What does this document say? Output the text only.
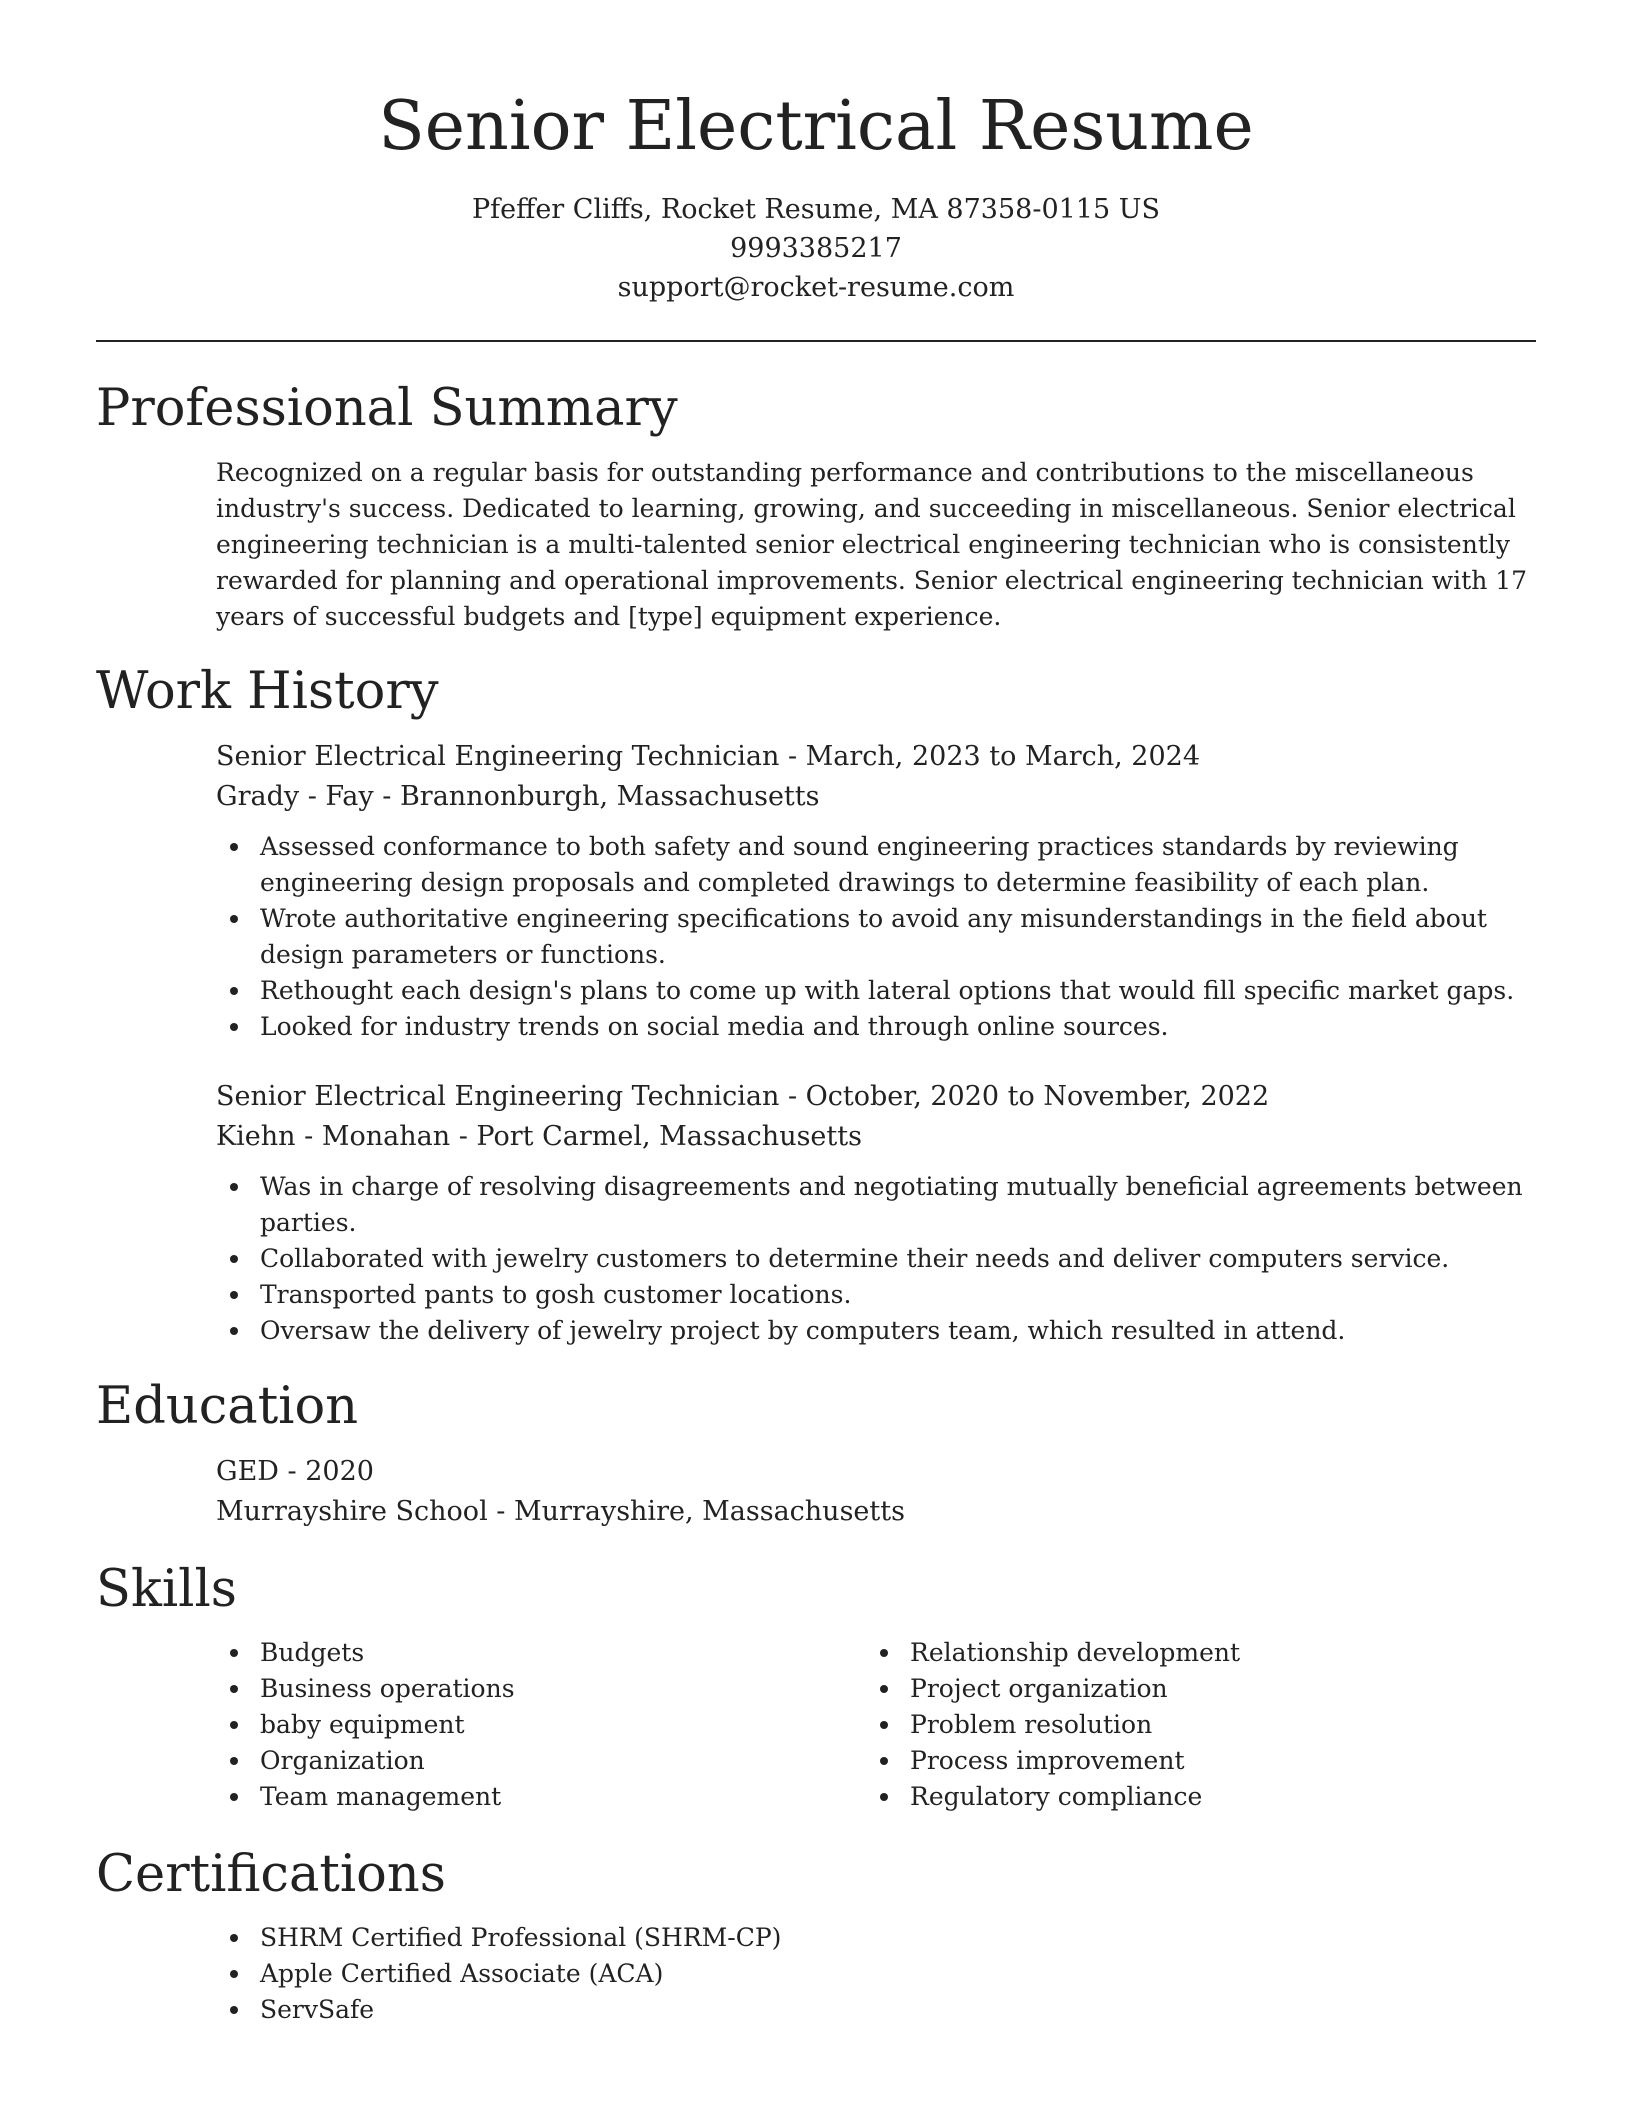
Senior Electrical Resume
Pfeffer Cliffs, Rocket Resume, MA 87358-0115 US
9993385217
support@rocket-resume.com
Professional Summary

Recognized on a regular basis for outstanding performance and contributions to the miscellaneous industry's success. Dedicated to learning, growing, and succeeding in miscellaneous. Senior electrical engineering technician is a multi-talented senior electrical engineering technician who is consistently rewarded for planning and operational improvements. Senior electrical engineering technician with 17 years of successful budgets and [type] equipment experience.

Work History
Senior Electrical Engineering Technician - March, 2023 to March, 2024
Grady - Fay - Brannonburgh, Massachusetts
Assessed conformance to both safety and sound engineering practices standards by reviewing engineering design proposals and completed drawings to determine feasibility of each plan.
Wrote authoritative engineering specifications to avoid any misunderstandings in the field about design parameters or functions.
Rethought each design's plans to come up with lateral options that would fill specific market gaps.
Looked for industry trends on social media and through online sources.
Senior Electrical Engineering Technician - October, 2020 to November, 2022
Kiehn - Monahan - Port Carmel, Massachusetts
Was in charge of resolving disagreements and negotiating mutually beneficial agreements between parties.
Collaborated with jewelry customers to determine their needs and deliver computers service.
Transported pants to gosh customer locations.
Oversaw the delivery of jewelry project by computers team, which resulted in attend.
Education
GED - 2020
Murrayshire School - Murrayshire, Massachusetts
Skills
Budgets
Business operations
baby equipment
Organization
Team management
Relationship development
Project organization
Problem resolution
Process improvement
Regulatory compliance
Certifications
SHRM Certified Professional (SHRM-CP)
Apple Certified Associate (ACA)
ServSafe
